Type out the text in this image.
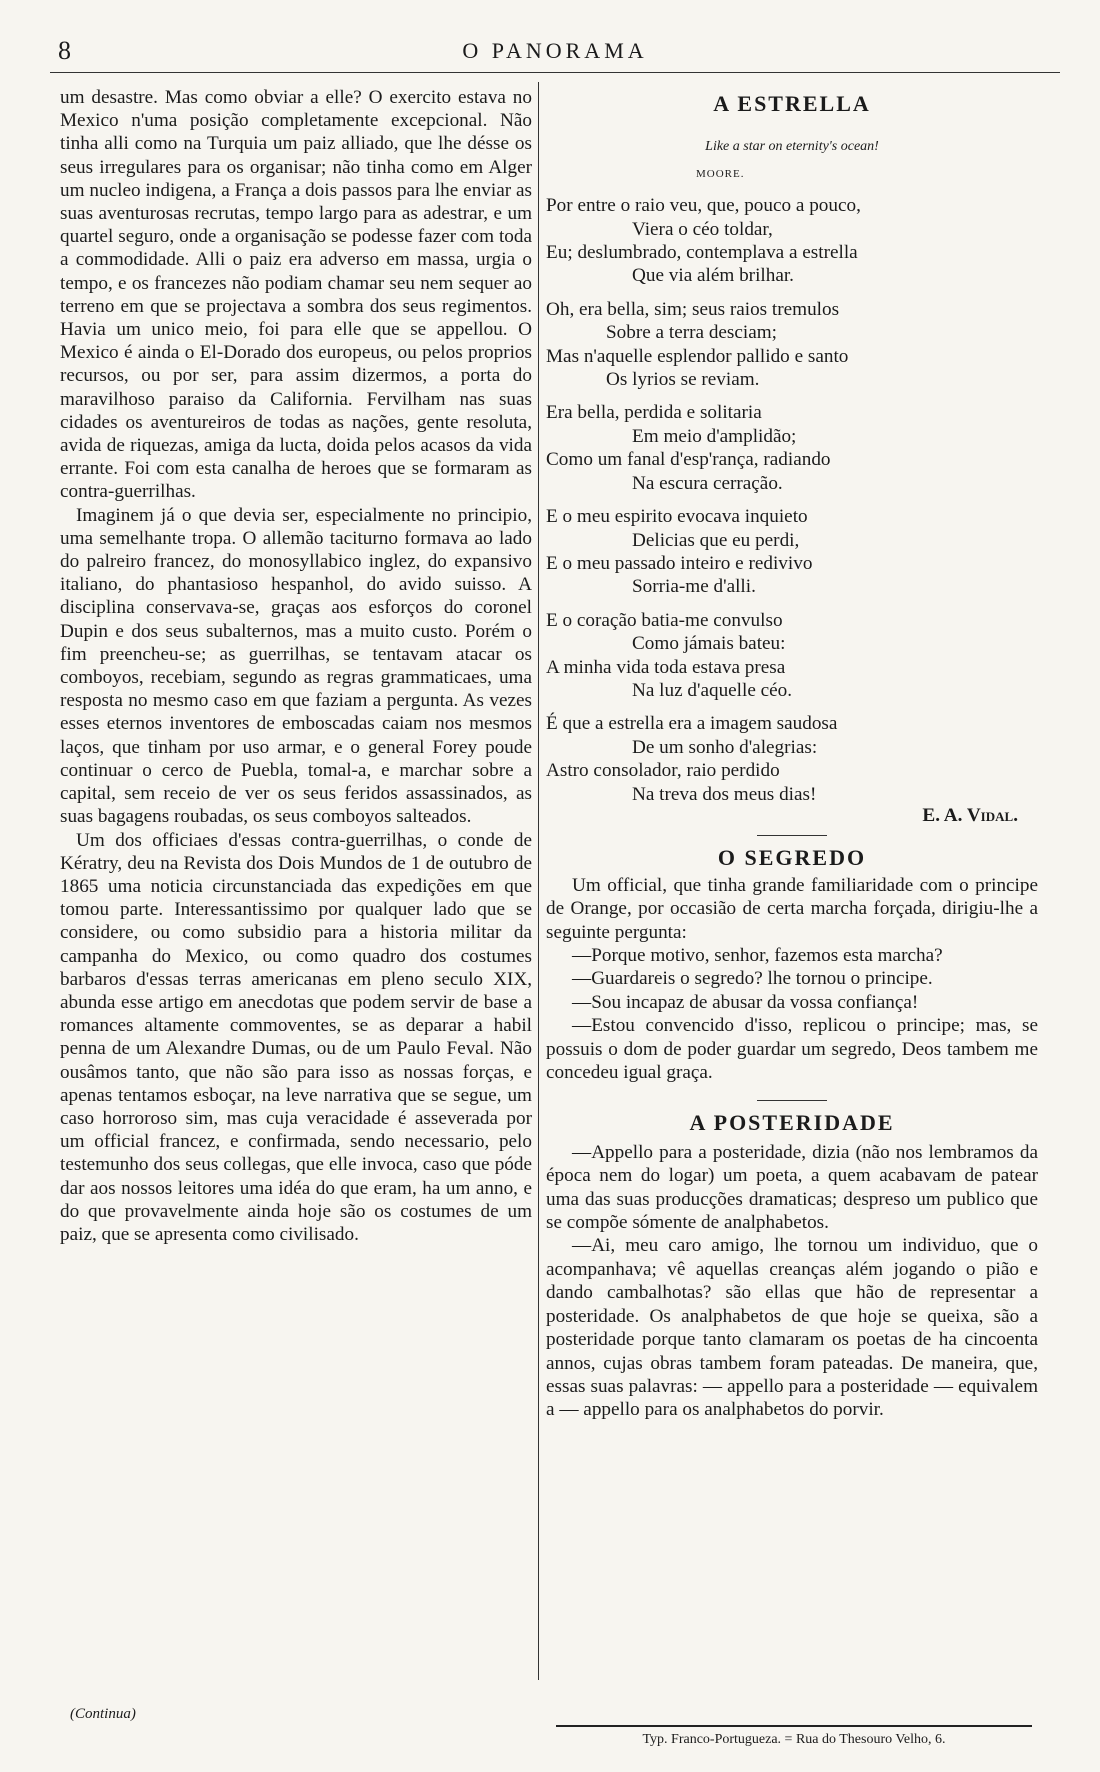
8	O PANORAMA

um desastre. Mas como obviar a elle? O exercito estava no Mexico n'uma posição completamente excepcional. Não tinha alli como na Turquia um paiz alliado, que lhe désse os seus irregulares para os organisar; não tinha como em Alger um nucleo indigena, a França a dois passos para lhe enviar as suas aventurosas recrutas, tempo largo para as adestrar, e um quartel seguro, onde a organisação se podesse fazer com toda a commodidade. Alli o paiz era adverso em massa, urgia o tempo, e os francezes não podiam chamar seu nem sequer ao terreno em que se projectava a sombra dos seus regimentos. Havia um unico meio, foi para elle que se appellou. O Mexico é ainda o El-Dorado dos europeus, ou pelos proprios recursos, ou por ser, para assim dizermos, a porta do maravilhoso paraiso da California. Fervilham nas suas cidades os aventureiros de todas as nações, gente resoluta, avida de riquezas, amiga da lucta, doida pelos acasos da vida errante. Foi com esta canalha de heroes que se formaram as contra-guerrilhas.

Imaginem já o que devia ser, especialmente no principio, uma semelhante tropa. O allemão taciturno formava ao lado do palreiro francez, do monosyllabico inglez, do expansivo italiano, do phantasioso hespanhol, do avido suisso. A disciplina conservava-se, graças aos esforços do coronel Dupin e dos seus subalternos, mas a muito custo. Porém o fim preencheu-se; as guerrilhas, se tentavam atacar os comboyos, recebiam, segundo as regras grammaticaes, uma resposta no mesmo caso em que faziam a pergunta. As vezes esses eternos inventores de emboscadas caiam nos mesmos laços, que tinham por uso armar, e o general Forey poude continuar o cerco de Puebla, tomal-a, e marchar sobre a capital, sem receio de ver os seus feridos assassinados, as suas bagagens roubadas, os seus comboyos salteados.

Um dos officiaes d'essas contra-guerrilhas, o conde de Kératry, deu na Revista dos Dois Mundos de 1 de outubro de 1865 uma noticia circunstanciada das expedições em que tomou parte. Interessantissimo por qualquer lado que se considere, ou como subsidio para a historia militar da campanha do Mexico, ou como quadro dos costumes barbaros d'essas terras americanas em pleno seculo XIX, abunda esse artigo em anecdotas que podem servir de base a romances altamente commoventes, se as deparar a habil penna de um Alexandre Dumas, ou de um Paulo Feval. Não ousâmos tanto, que não são para isso as nossas forças, e apenas tentamos esboçar, na leve narrativa que se segue, um caso horroroso sim, mas cuja veracidade é asseverada por um official francez, e confirmada, sendo necessario, pelo testemunho dos seus collegas, que elle invoca, caso que póde dar aos nossos leitores uma idéa do que eram, ha um anno, e do que provavelmente ainda hoje são os costumes de um paiz, que se apresenta como civilisado.

(Continua)
A ESTRELLA
Like a star on eternity's ocean!
MOORE.
Por entre o raio veu, que, pouco a pouco,
Viera o céo toldar,
Eu; deslumbrado, contemplava a estrella
Que via além brilhar.
Oh, era bella, sim; seus raios tremulos
Sobre a terra desciam;
Mas n'aquelle esplendor pallido e santo
Os lyrios se reviam.
Era bella, perdida e solitaria
Em meio d'amplidão;
Como um fanal d'esp'rança, radiando
Na escura cerração.
E o meu espirito evocava inquieto
Delicias que eu perdi,
E o meu passado inteiro e redivivo
Sorria-me d'alli.
E o coração batia-me convulso
Como jámais bateu:
A minha vida toda estava presa
Na luz d'aquelle céo.
É que a estrella era a imagem saudosa
De um sonho d'alegrias:
Astro consolador, raio perdido
Na treva dos meus dias!
E. A. Vidal.
O SEGREDO

Um official, que tinha grande familiaridade com o principe de Orange, por occasião de certa marcha forçada, dirigiu-lhe a seguinte pergunta:

—Porque motivo, senhor, fazemos esta marcha?

—Guardareis o segredo? lhe tornou o principe.

—Sou incapaz de abusar da vossa confiança!

—Estou convencido d'isso, replicou o principe; mas, se possuis o dom de poder guardar um segredo, Deos tambem me concedeu igual graça.

A POSTERIDADE

—Appello para a posteridade, dizia (não nos lembramos da época nem do logar) um poeta, a quem acabavam de patear uma das suas producções dramaticas; despreso um publico que se compõe sómente de analphabetos.

—Ai, meu caro amigo, lhe tornou um individuo, que o acompanhava; vê aquellas creanças além jogando o pião e dando cambalhotas? são ellas que hão de representar a posteridade. Os analphabetos de que hoje se queixa, são a posteridade porque tanto clamaram os poetas de ha cincoenta annos, cujas obras tambem foram pateadas. De maneira, que, essas suas palavras: — appello para a posteridade — equivalem a — appello para os analphabetos do porvir.

Typ. Franco-Portugueza. = Rua do Thesouro Velho, 6.
